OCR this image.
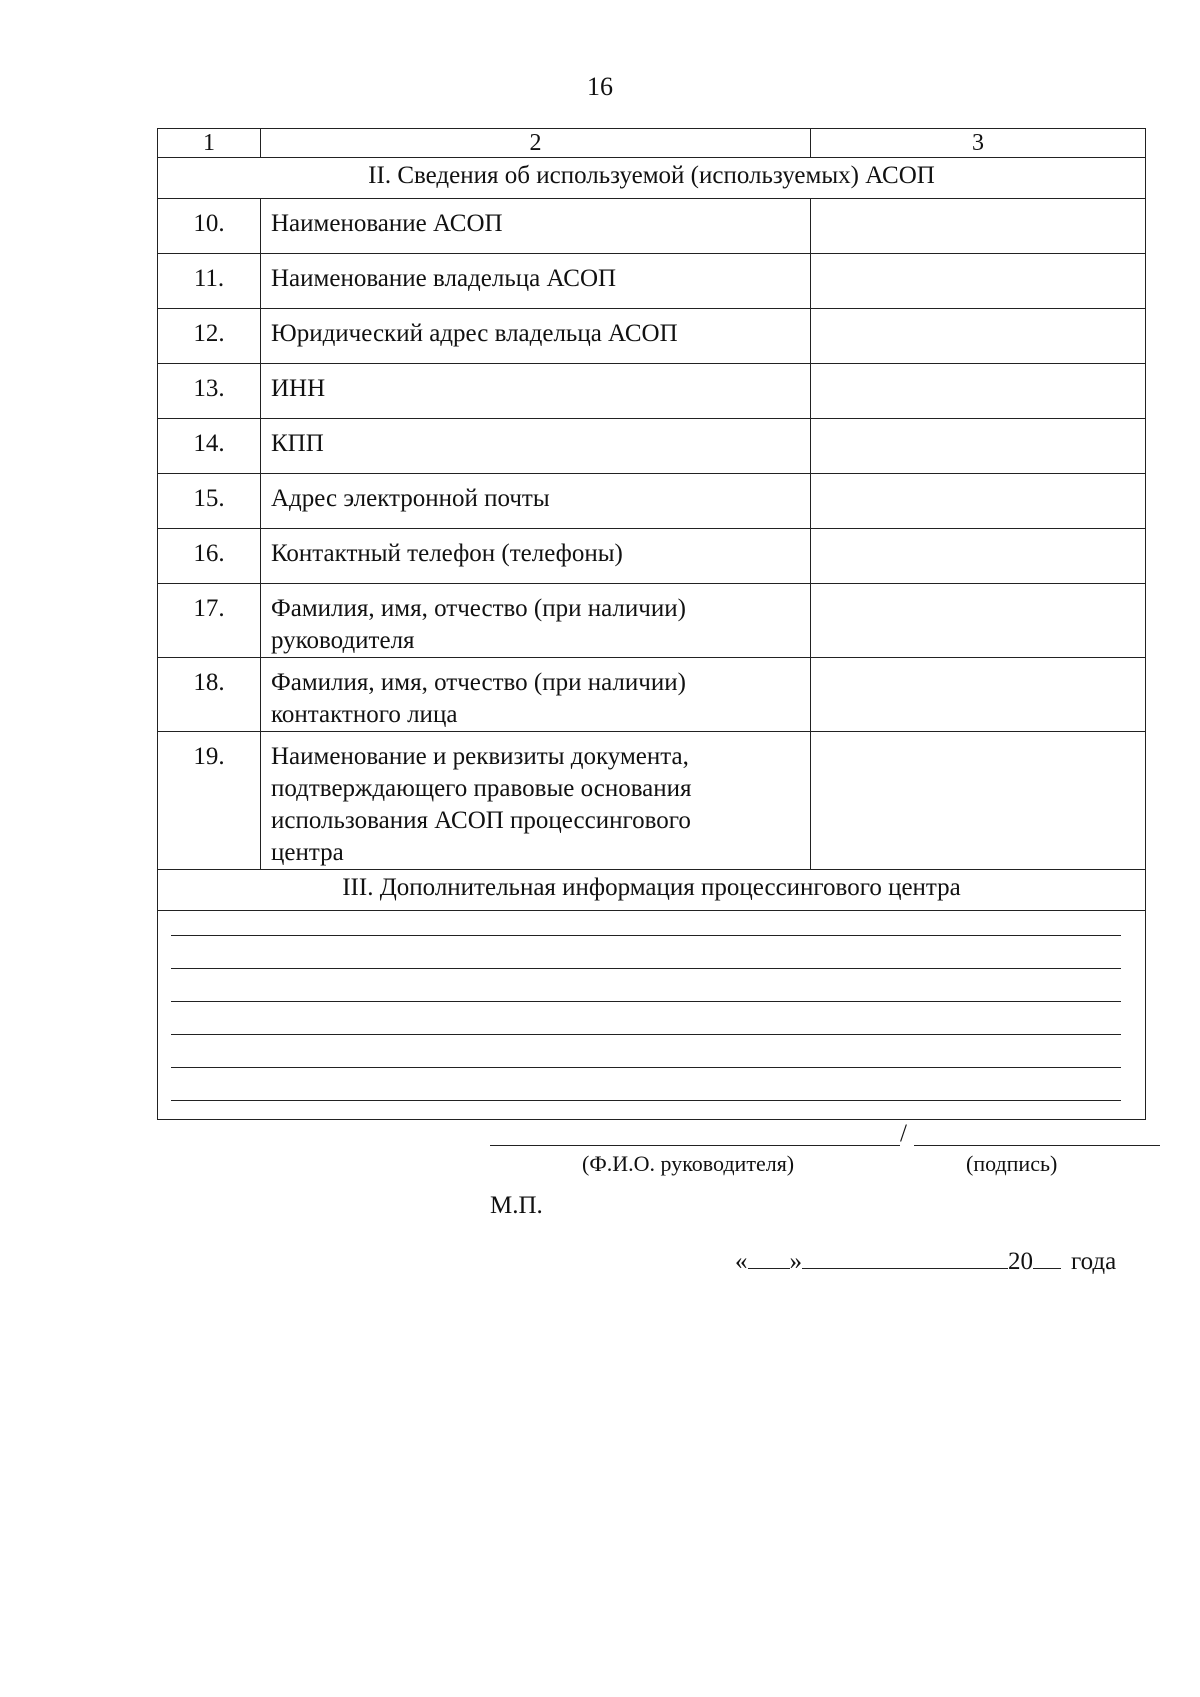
16
1	2	3
II. Сведения об используемой (используемых) АСОП		
10.	Наименование АСОП	
11.	Наименование владельца АСОП	
12.	Юридический адрес владельца АСОП	
13.	ИНН	
14.	КПП	
15.	Адрес электронной почты	
16.	Контактный телефон (телефоны)	
17.	Фамилия, имя, отчество (при наличии)
руководителя	

18.	Фамилия, имя, отчество (при наличии)
контактного лица	

19.	Наименование и реквизиты документа,
подтверждающего правовые основания
использования АСОП процессингового
центра	

III. Дополнительная информация процессингового центра		

/
(Ф.И.О. руководителя)	(подпись)
М.П.
« »	20 года
